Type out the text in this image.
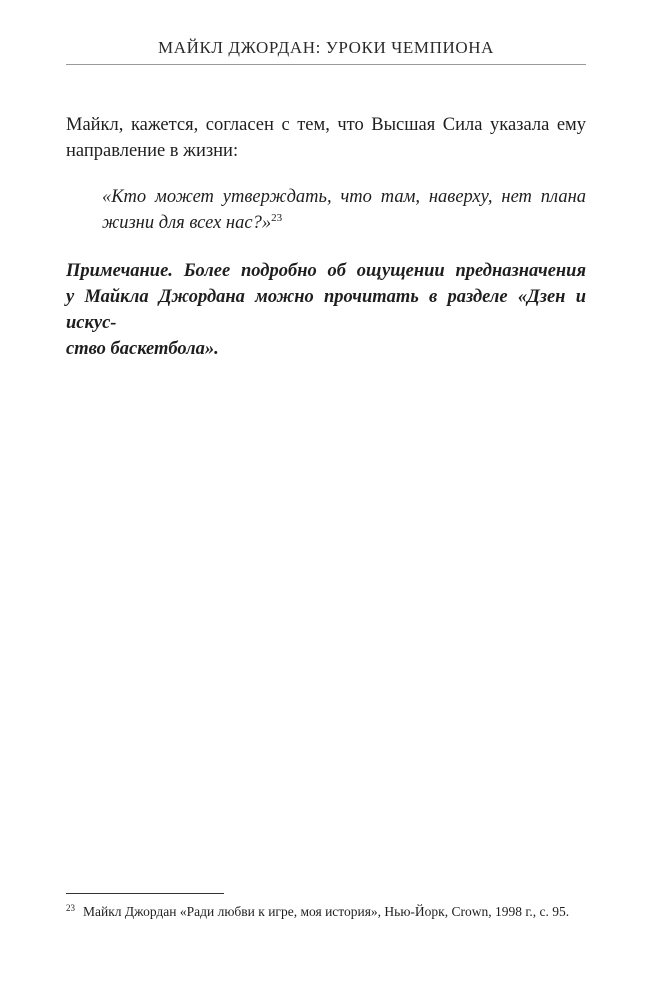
МАЙКЛ ДЖОРДАН: УРОКИ ЧЕМПИОНА

Майкл, кажется, согласен с тем, что Высшая Сила указала ему направление в жизни:

«Кто может утверждать, что там, наверху, нет плана
жизни для всех нас?»$^{23}$
Примечание. Более подробно об ощущении предназначения
у Майкла Джордана можно прочитать в разделе «Дзен и искус-
ство баскетбола».
$^{23}$ Майкл Джордан «Ради любви к игре, моя история», Нью-Йорк, Crown, 1998 г., с. 95.
